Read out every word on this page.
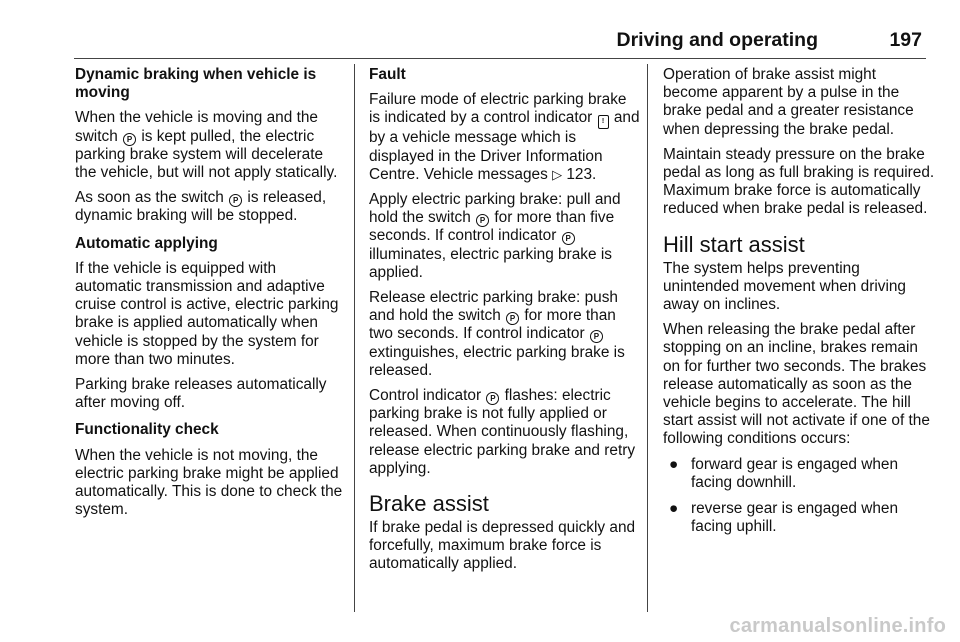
Driving and operating	197

Dynamic braking when vehicle is moving

When the vehicle is moving and the switch P is kept pulled, the electric parking brake system will decelerate the vehicle, but will not apply statically.

As soon as the switch P is released, dynamic braking will be stopped.

Automatic applying

If the vehicle is equipped with automatic transmission and adaptive cruise control is active, electric parking brake is applied automatically when vehicle is stopped by the system for more than two minutes.

Parking brake releases automatically after moving off.

Functionality check

When the vehicle is not moving, the electric parking brake might be applied automatically. This is done to check the system.

Fault

Failure mode of electric parking brake is indicated by a control indicator ! and by a vehicle message which is displayed in the Driver Information Centre. Vehicle messages ▷ 123.

Apply electric parking brake: pull and hold the switch P for more than five seconds. If control indicator P illuminates, electric parking brake is applied.

Release electric parking brake: push and hold the switch P for more than two seconds. If control indicator P extinguishes, electric parking brake is released.

Control indicator P flashes: electric parking brake is not fully applied or released. When continuously flashing, release electric parking brake and retry applying.

Brake assist

If brake pedal is depressed quickly and forcefully, maximum brake force is automatically applied.

Operation of brake assist might become apparent by a pulse in the brake pedal and a greater resistance when depressing the brake pedal.

Maintain steady pressure on the brake pedal as long as full braking is required. Maximum brake force is automatically reduced when brake pedal is released.

Hill start assist

The system helps preventing unintended movement when driving away on inclines.

When releasing the brake pedal after stopping on an incline, brakes remain on for further two seconds. The brakes release automatically as soon as the vehicle begins to accelerate. The hill start assist will not activate if one of the following conditions occurs:

● forward gear is engaged when facing downhill.
● reverse gear is engaged when facing uphill.
carmanualsonline.info
